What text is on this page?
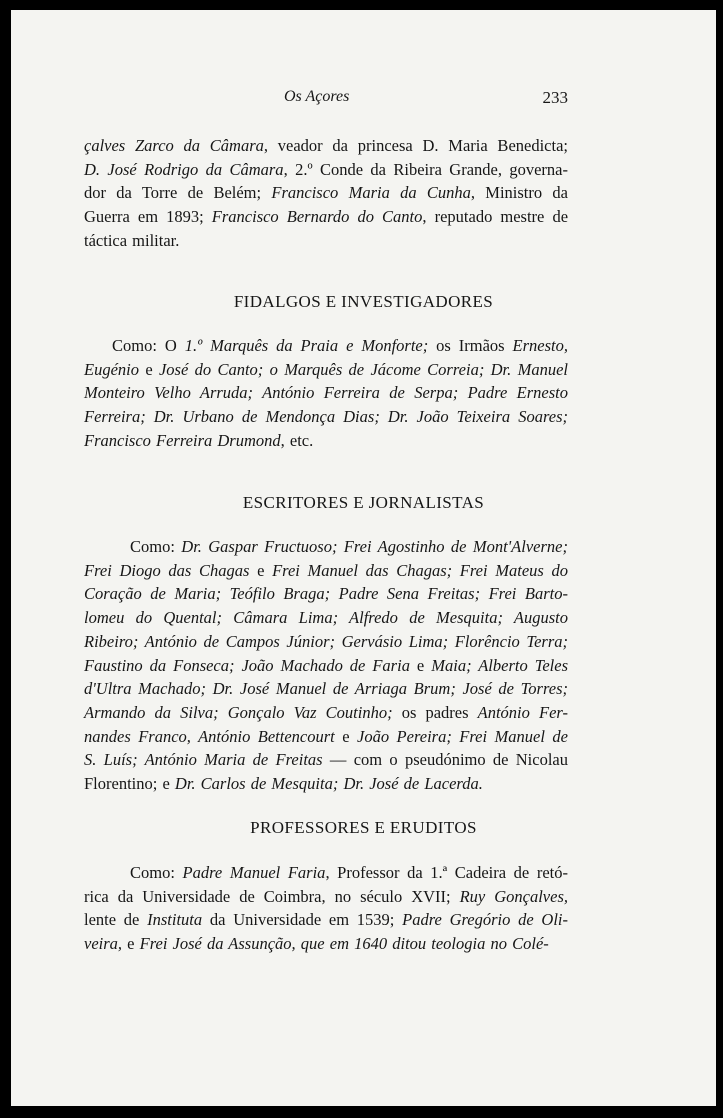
Os Açores	233
çalves Zarco da Câmara, veador da princesa D. Maria Benedicta;
D. José Rodrigo da Câmara, 2.º Conde da Ribeira Grande, governa-
dor da Torre de Belém; Francisco Maria da Cunha, Ministro da
Guerra em 1893; Francisco Bernardo do Canto, reputado mestre de
táctica militar.
FIDALGOS E INVESTIGADORES
Como: O 1.º Marquês da Praia e Monforte; os Irmãos Ernesto,
Eugénio e José do Canto; o Marquês de Jácome Correia; Dr. Manuel
Monteiro Velho Arruda; António Ferreira de Serpa; Padre Ernesto
Ferreira; Dr. Urbano de Mendonça Dias; Dr. João Teixeira Soares;
Francisco Ferreira Drumond, etc.
ESCRITORES E JORNALISTAS
Como: Dr. Gaspar Fructuoso; Frei Agostinho de Mont'Alverne;
Frei Diogo das Chagas e Frei Manuel das Chagas; Frei Mateus do
Coração de Maria; Teófilo Braga; Padre Sena Freitas; Frei Barto-
lomeu do Quental; Câmara Lima; Alfredo de Mesquita; Augusto
Ribeiro; António de Campos Júnior; Gervásio Lima; Florêncio Terra;
Faustino da Fonseca; João Machado de Faria e Maia; Alberto Teles
d'Ultra Machado; Dr. José Manuel de Arriaga Brum; José de Torres;
Armando da Silva; Gonçalo Vaz Coutinho; os padres António Fer-
nandes Franco, António Bettencourt e João Pereira; Frei Manuel de
S. Luís; António Maria de Freitas — com o pseudónimo de Nicolau
Florentino; e Dr. Carlos de Mesquita; Dr. José de Lacerda.
PROFESSORES E ERUDITOS
Como: Padre Manuel Faria, Professor da 1.ª Cadeira de retó-
rica da Universidade de Coimbra, no século XVII; Ruy Gonçalves,
lente de Instituta da Universidade em 1539; Padre Gregório de Oli-
veira, e Frei José da Assunção, que em 1640 ditou teologia no Colé-
